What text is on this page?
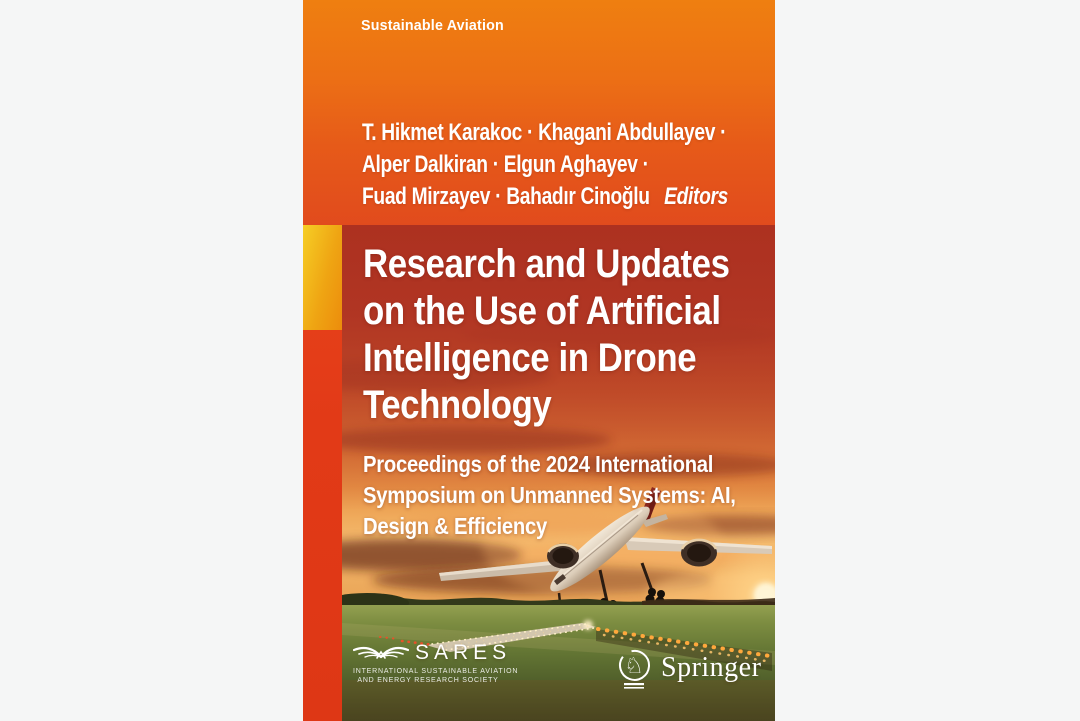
Sustainable Aviation
T. Hikmet Karakoc · Khagani Abdullayev ·
Alper Dalkiran · Elgun Aghayev ·
Fuad Mirzayev · Bahadır Cinoğlu Editors
Research and Updates
on the Use of Artificial
Intelligence in Drone
Technology
Proceedings of the 2024 International
Symposium on Unmanned Systems: AI,
Design & Efficiency
SARES
INTERNATIONAL SUSTAINABLE AVIATION
AND ENERGY RESEARCH SOCIETY
♘ Springer
